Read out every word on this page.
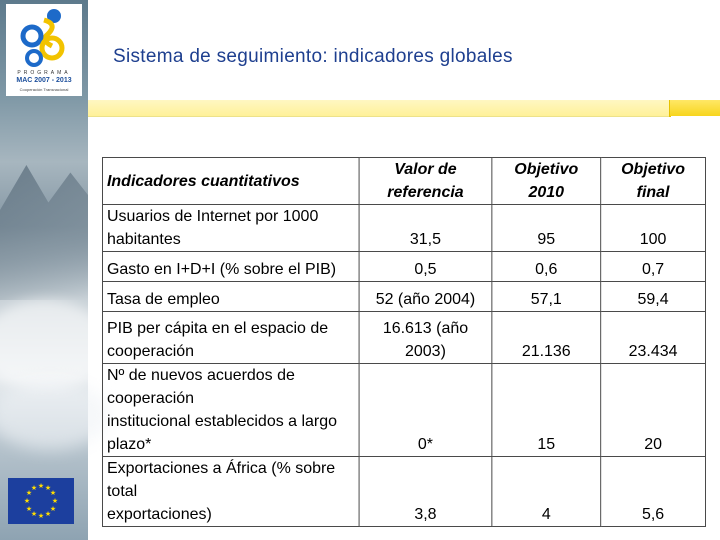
PROGRAMA
MAC 2007 - 2013
Cooperación Transnacional
★ ★
★
★
★
★
★
★
★
★
★
★
Sistema de seguimiento: indicadores globales
Indicadores cuantitativos	Valor de referencia	Objetivo 2010	Objetivo final
Usuarios de Internet por 1000 habitantes	31,5	95	100
Gasto en I+D+I (% sobre el PIB)	0,5	0,6	0,7
Tasa de empleo	52 (año 2004)	57,1	59,4
PIB per cápita en el espacio de
cooperación	16.613 (año 2003)	21.136	23.434
Nº de nuevos acuerdos de cooperación
institucional establecidos a largo plazo*	0*	15	20
Exportaciones a África (% sobre total
exportaciones)	3,8	4	5,6
